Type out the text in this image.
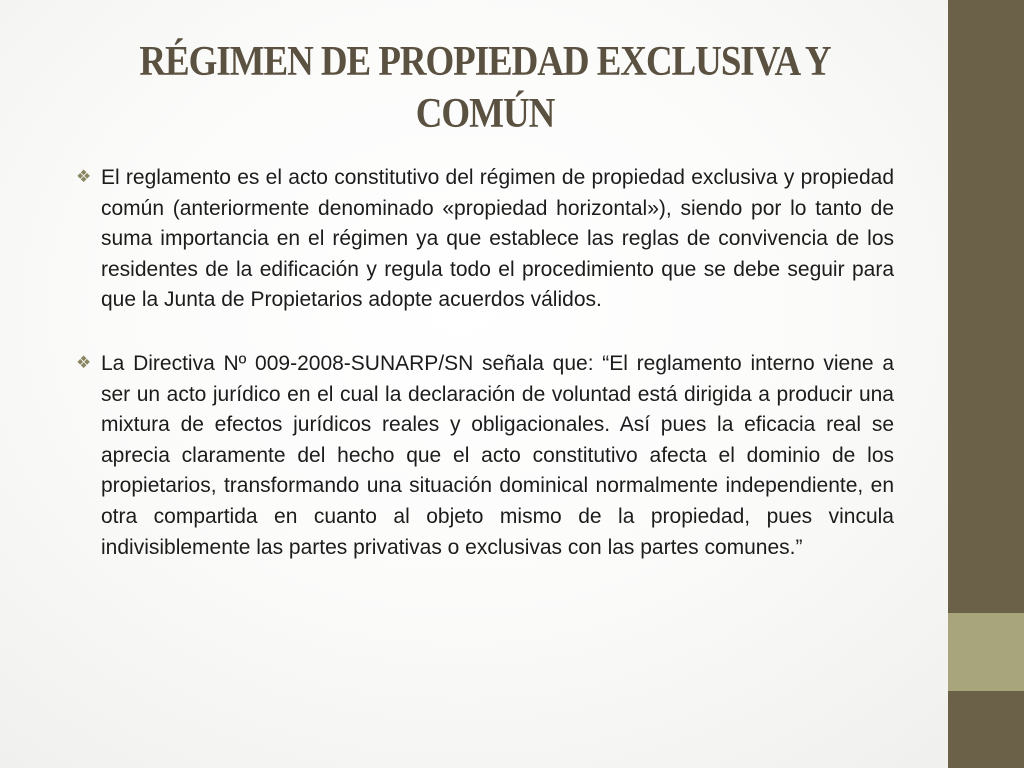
RÉGIMEN DE PROPIEDAD EXCLUSIVA Y COMÚN

❖ El reglamento es el acto constitutivo del régimen de propiedad exclusiva y propiedad común (anteriormente denominado «propiedad horizontal»), siendo por lo tanto de suma importancia en el régimen ya que establece las reglas de convivencia de los residentes de la edificación y regula todo el procedimiento que se debe seguir para que la Junta de Propietarios adopte acuerdos válidos.

❖ La Directiva Nº 009-2008-SUNARP/SN señala que: “El reglamento interno viene a ser un acto jurídico en el cual la declaración de voluntad está dirigida a producir una mixtura de efectos jurídicos reales y obligacionales. Así pues la eficacia real se aprecia claramente del hecho que el acto constitutivo afecta el dominio de los propietarios, transformando una situación dominical normalmente independiente, en otra compartida en cuanto al objeto mismo de la propiedad, pues vincula indivisiblemente las partes privativas o exclusivas con las partes comunes.”
